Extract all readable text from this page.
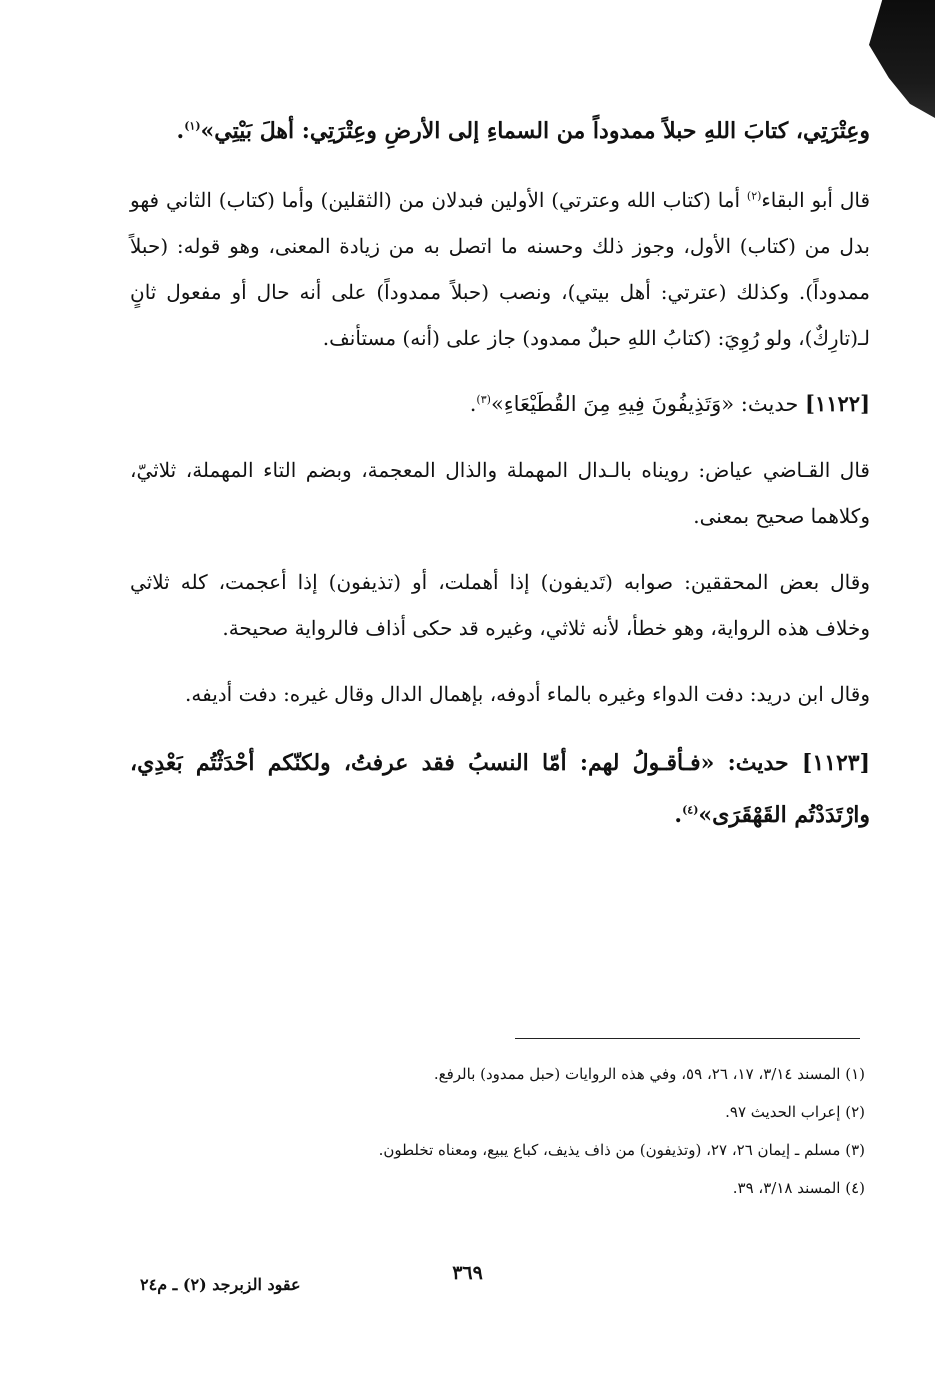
وعِتْرَتِي، كتابَ اللهِ حبلاً ممدوداً من السماءِ إلى الأرضِ وعِتْرَتِي: أهلَ بَيْتِي»$^{(١)}$.

قال أبو البقاء$^{(٢)}$ أما (كتاب الله وعترتي) الأولين فبدلان من (الثقلين) وأما (كتاب) الثاني فهو بدل من (كتاب) الأول، وجوز ذلك وحسنه ما اتصل به من زيادة المعنى، وهو قوله: (حبلاً ممدوداً). وكذلك (عترتي: أهل بيتي)، ونصب (حبلاً ممدوداً) على أنه حال أو مفعول ثانٍ لـ(تارِكٌ)، ولو رُوِيَ: (كتابُ اللهِ حبلٌ ممدود) جاز على (أنه) مستأنف.

[١١٢٢] حديث: «وَتَذِيفُونَ فِيهِ مِنَ القُطَيْعَاءِ»$^{(٣)}$.

قال القـاضي عياض: رويناه بالـدال المهملة والذال المعجمة، وبضم التاء المهملة، ثلاثيّ، وكلاهما صحيح بمعنى.

وقال بعض المحققين: صوابه (تَديفون) إذا أهملت، أو (تذيفون) إذا أعجمت، كله ثلاثي وخلاف هذه الرواية، وهو خطأ، لأنه ثلاثي، وغيره قد حكى أذاف فالرواية صحيحة.

وقال ابن دريد: دفت الدواء وغيره بالماء أدوفه، بإهمال الدال وقال غيره: دفت أديفه.

[١١٢٣] حديث: «فـأقـولُ لهم: أمّا النسبُ فقد عرفتُ، ولكنّكم أحْدَثْتُم بَعْدِي، وارْتَدَدْتُم القَهْقَرَى»$^{(٤)}$.

(١) المسند ٣/١٤، ١٧، ٢٦، ٥٩، وفي هذه الروايات (حبل ممدود) بالرفع.
(٢) إعراب الحديث ٩٧.
(٣) مسلم ـ إيمان ٢٦، ٢٧، (وتذيفون) من ذاف يذيف، كباع يبيع، ومعناه تخلطون.
(٤) المسند ٣/١٨، ٣٩.
٣٦٩
عقود الزبرجد (٢) ـ م٢٤
